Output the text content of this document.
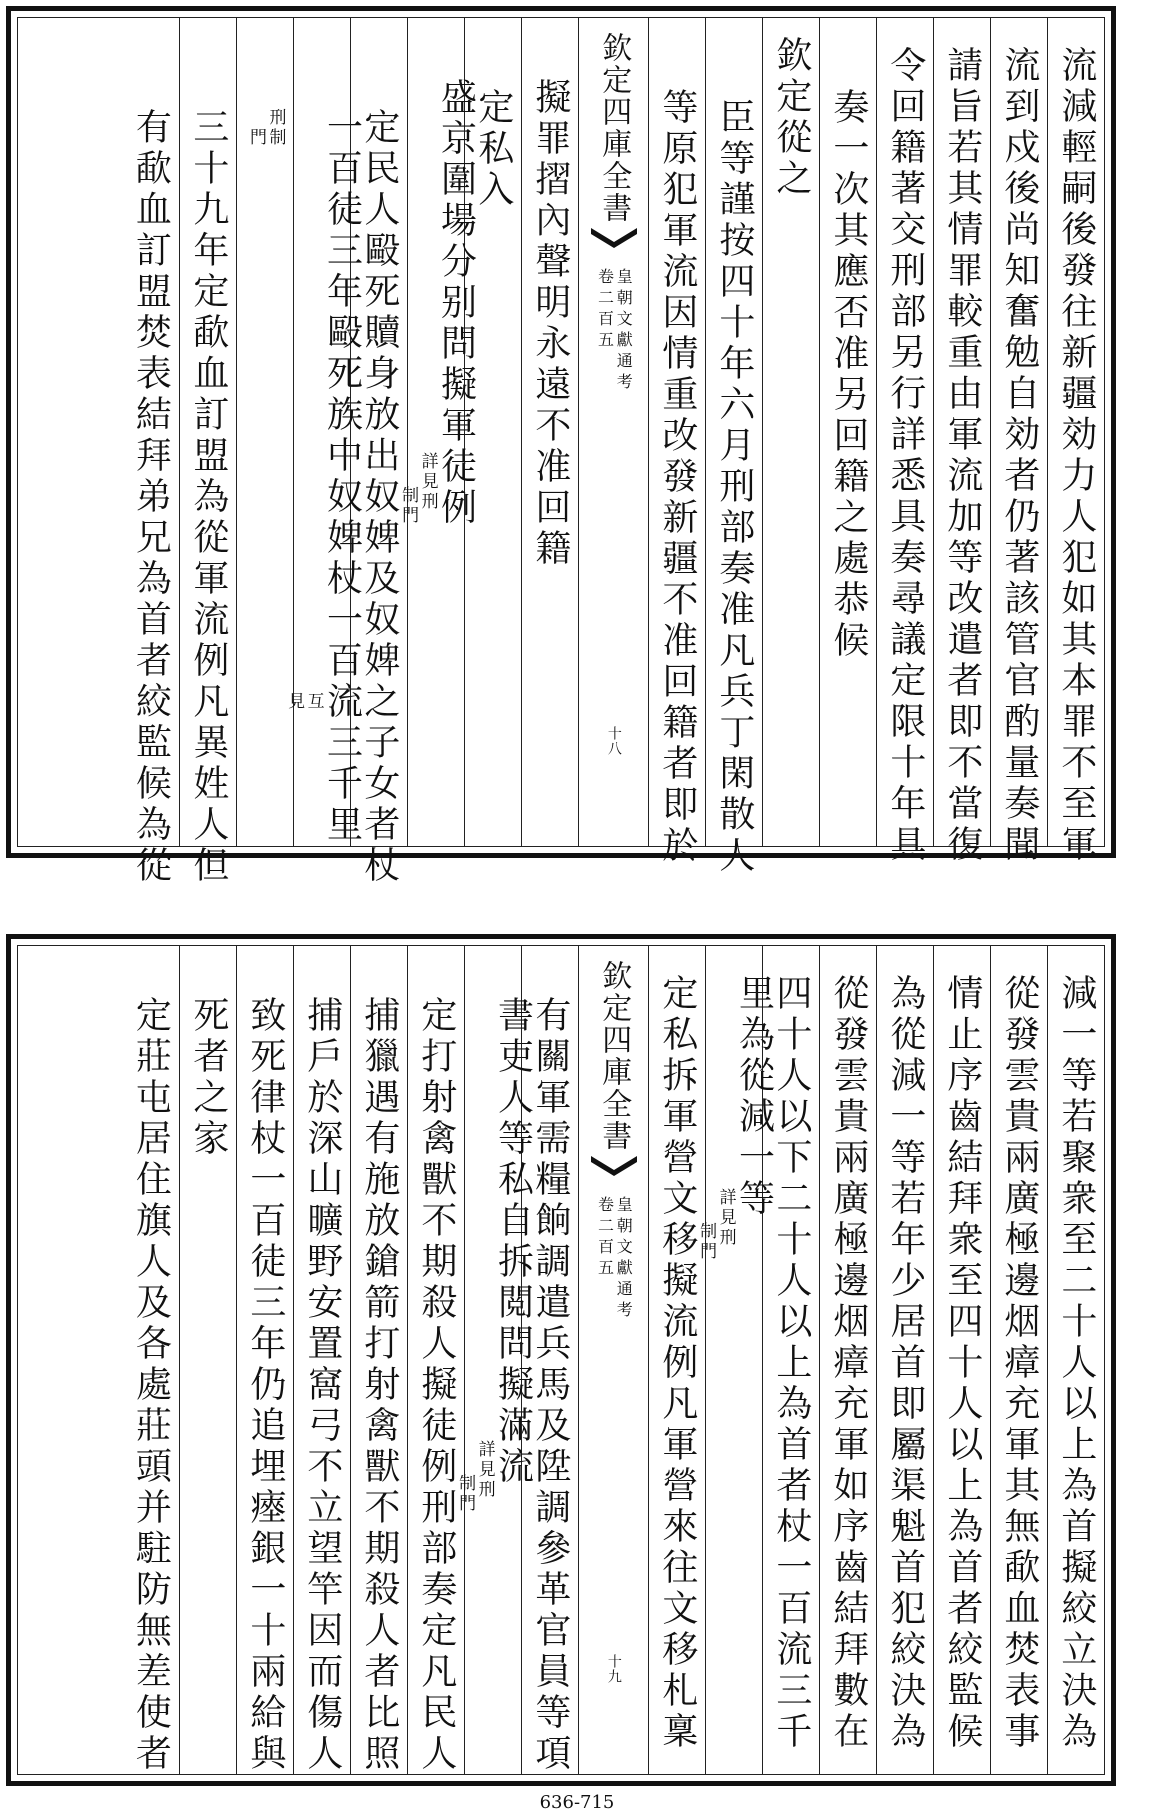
流減輕嗣後發往新疆効力人犯如其本罪不至軍
流到戍後尚知奮勉自効者仍著該管官酌量奏聞
請旨若其情罪較重由軍流加等改遣者即不當復
令回籍著交刑部另行詳悉具奏尋議定限十年具
奏一次其應否准另回籍之處恭候
欽定從之
臣等謹按四十年六月刑部奏准凡兵丁閑散人
等原犯軍流因情重改發新疆不准回籍者即於
欽定四庫全書
皇朝文獻通考
卷二百五
十八
擬罪摺內聲明永遠不准回籍
定私入
盛京圍場分别問擬軍徒例
詳見刑
制門
定民人毆死贖身放出奴婢及奴婢之子女者杖
一百徒三年毆死族中奴婢杖一百流三千里
互
見
刑制
門
三十九年定歃血訂盟為從軍流例凡異姓人但
有歃血訂盟焚表結拜弟兄為首者絞監候為從
減一等若聚衆至二十人以上為首擬絞立決為
從發雲貴兩廣極邊烟瘴充軍其無歃血焚表事
情止序齒結拜衆至四十人以上為首者絞監候
為從減一等若年少居首即屬渠魁首犯絞決為
從發雲貴兩廣極邊烟瘴充軍如序齒結拜數在
四十人以下二十人以上為首者杖一百流三千
里為從減一等
詳見刑
制門
定私拆軍營文移擬流例凡軍營來往文移札稟
欽定四庫全書
皇朝文獻通考
卷二百五
十九
有關軍需糧餉調遣兵馬及陞調參革官員等項
書吏人等私自拆閲問擬滿流
詳見刑
制門
定打射禽獸不期殺人擬徒例刑部奏定凡民人
捕獵遇有施放鎗箭打射禽獸不期殺人者比照
捕戶於深山曠野安置窩弓不立望竿因而傷人
致死律杖一百徒三年仍追埋瘞銀一十兩給與
死者之家
定莊屯居住旗人及各處莊頭并駐防無差使者
636-715
